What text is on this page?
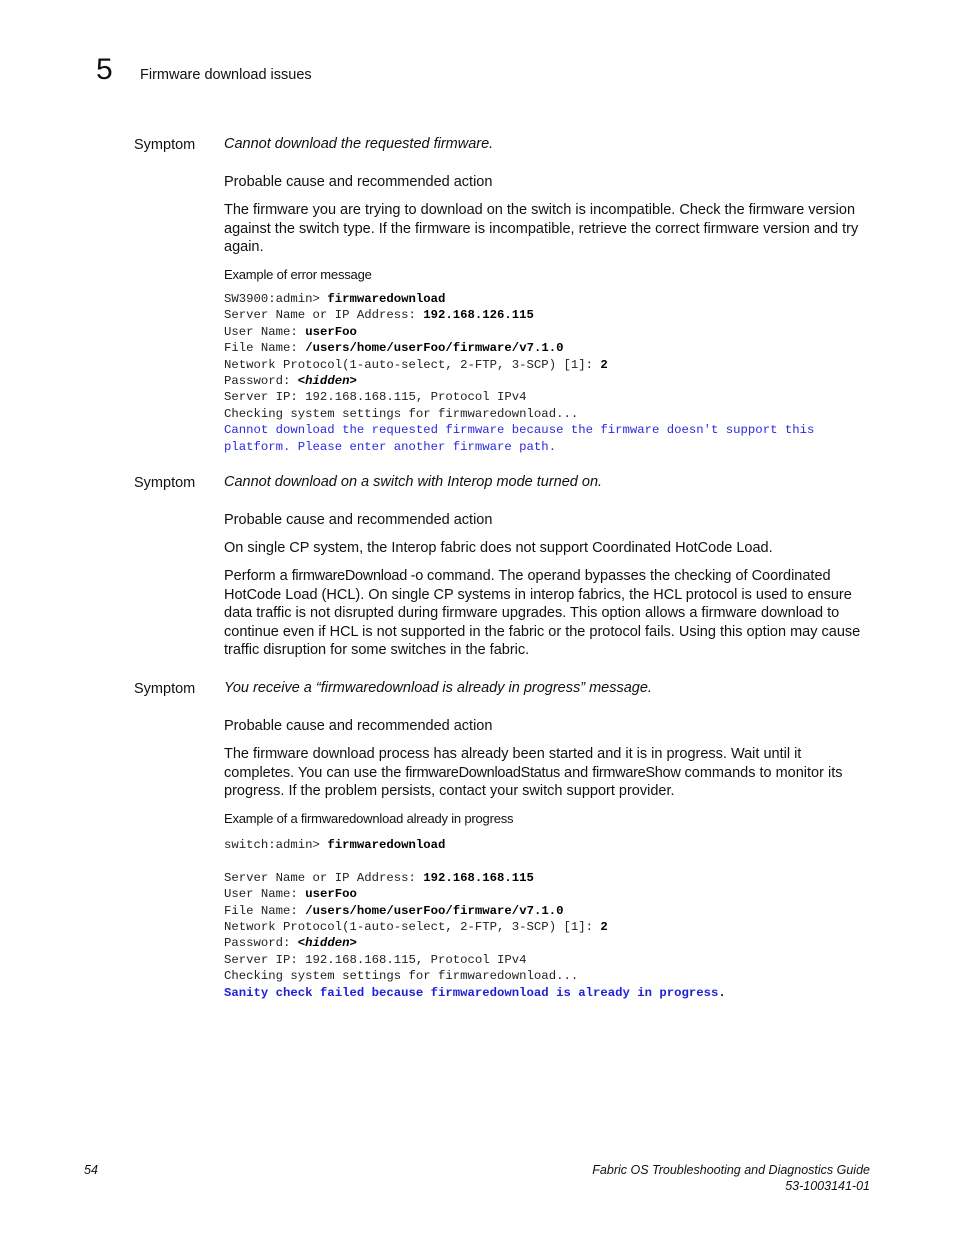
5 Firmware download issues
Symptom Cannot download the requested firmware.
Probable cause and recommended action
The firmware you are trying to download on the switch is incompatible. Check the firmware version against the switch type. If the firmware is incompatible, retrieve the correct firmware version and try again.
Example of error message
SW3900:admin> firmwaredownload
Server Name or IP Address: 192.168.126.115
User Name: userFoo
File Name: /users/home/userFoo/firmware/v7.1.0
Network Protocol(1-auto-select, 2-FTP, 3-SCP) [1]: 2
Password: <hidden>
Server IP: 192.168.168.115, Protocol IPv4
Checking system settings for firmwaredownload...
Cannot download the requested firmware because the firmware doesn't support this
platform. Please enter another firmware path.
Symptom Cannot download on a switch with Interop mode turned on.
Probable cause and recommended action
On single CP system, the Interop fabric does not support Coordinated HotCode Load.
Perform a firmwareDownload -o command. The operand bypasses the checking of Coordinated HotCode Load (HCL). On single CP systems in interop fabrics, the HCL protocol is used to ensure data traffic is not disrupted during firmware upgrades. This option allows a firmware download to continue even if HCL is not supported in the fabric or the protocol fails. Using this option may cause traffic disruption for some switches in the fabric.
Symptom You receive a “firmwaredownload is already in progress” message.
Probable cause and recommended action
The firmware download process has already been started and it is in progress. Wait until it completes. You can use the firmwareDownloadStatus and firmwareShow commands to monitor its progress. If the problem persists, contact your switch support provider.
Example of a firmwaredownload already in progress
switch:admin> firmwaredownload

Server Name or IP Address: 192.168.168.115
User Name: userFoo
File Name: /users/home/userFoo/firmware/v7.1.0
Network Protocol(1-auto-select, 2-FTP, 3-SCP) [1]: 2
Password: <hidden>
Server IP: 192.168.168.115, Protocol IPv4
Checking system settings for firmwaredownload...
Sanity check failed because firmwaredownload is already in progress.
54	Fabric OS Troubleshooting and Diagnostics Guide
53-1003141-01
